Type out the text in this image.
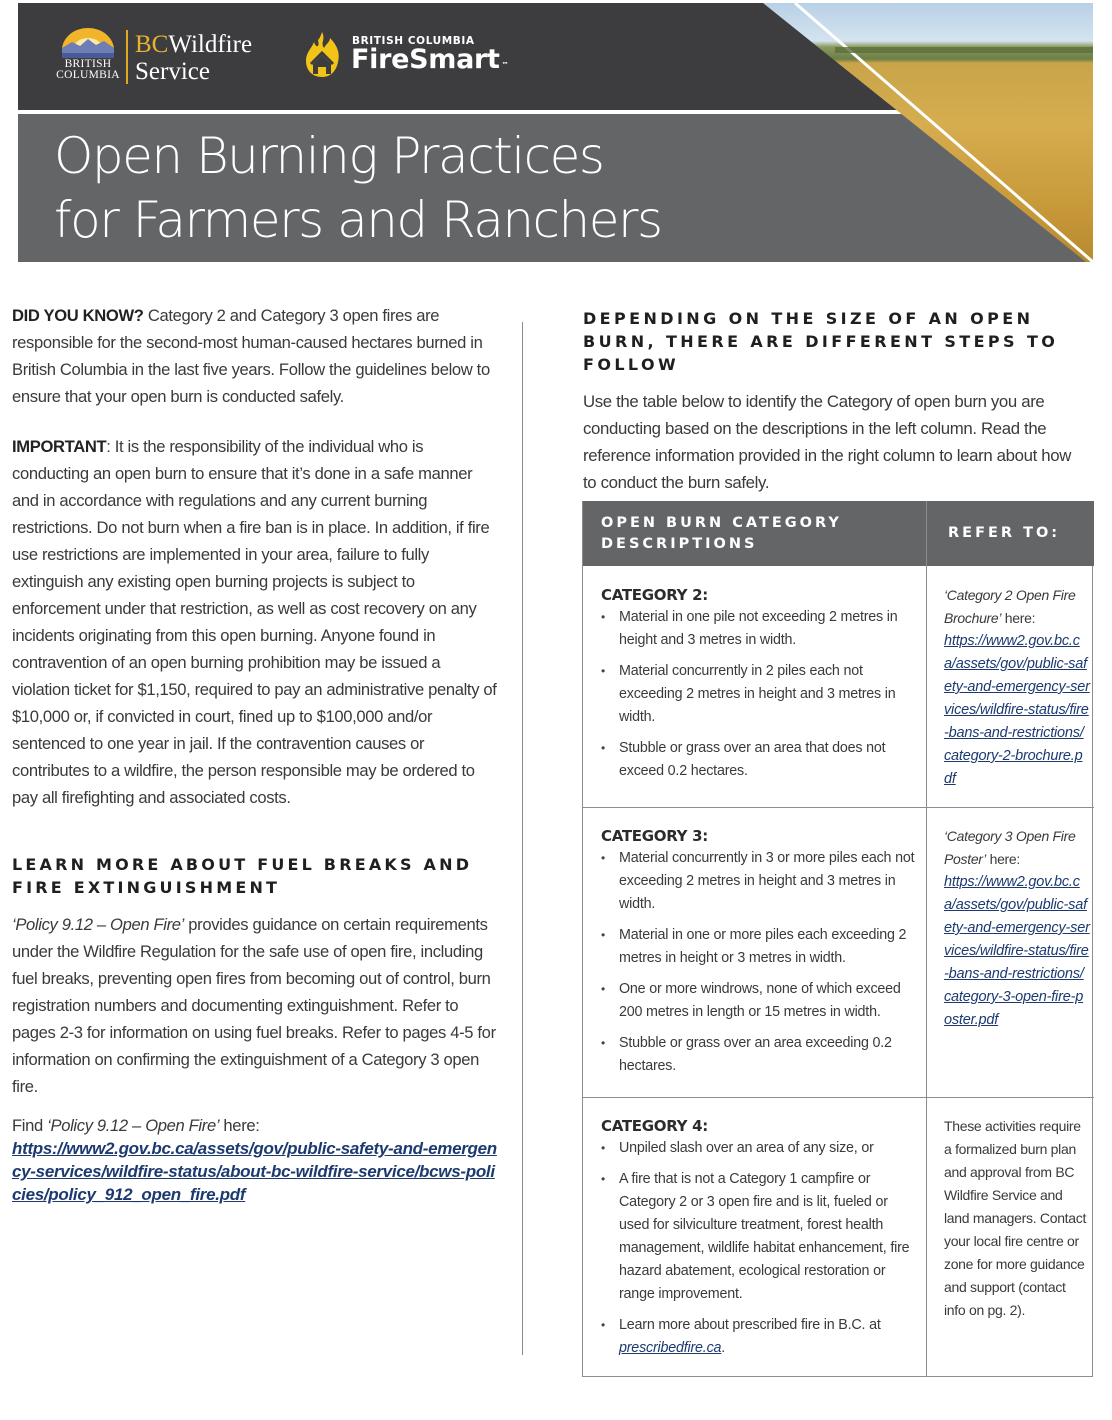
BRITISH
COLUMBIA
BCWildfire
Service
BRITISH COLUMBIA
FireSmart ™
Open Burning Practices
for Farmers and Ranchers

DID YOU KNOW? Category 2 and Category 3 open fires are responsible for the second-most human-caused hectares burned in British Columbia in the last five years. Follow the guidelines below to ensure that your open burn is conducted safely.

IMPORTANT: It is the responsibility of the individual who is conducting an open burn to ensure that it’s done in a safe manner and in accordance with regulations and any current burning restrictions. Do not burn when a fire ban is in place. In addition, if fire use restrictions are implemented in your area, failure to fully extinguish any existing open burning projects is subject to enforcement under that restriction, as well as cost recovery on any incidents originating from this open burning. Anyone found in contravention of an open burning prohibition may be issued a violation ticket for $1,150, required to pay an administrative penalty of $10,000 or, if convicted in court, fined up to $100,000 and/or sentenced to one year in jail. If the contravention causes or contributes to a wildfire, the person responsible may be ordered to pay all firefighting and associated costs.

LEARN MORE ABOUT FUEL BREAKS AND FIRE EXTINGUISHMENT

‘Policy 9.12 – Open Fire’ provides guidance on certain requirements under the Wildfire Regulation for the safe use of open fire, including fuel breaks, preventing open fires from becoming out of control, burn registration numbers and documenting extinguishment. Refer to pages 2-3 for information on using fuel breaks. Refer to pages 4-5 for information on confirming the extinguishment of a Category 3 open fire.

Find ‘Policy 9.12 – Open Fire’ here:

https://www2.gov.bc.ca/assets/gov/public-safety-and-emergency-services/wildfire-status/about-bc-wildfire-service/bcws-policies/policy_912_open_fire.pdf
DEPENDING ON THE SIZE OF AN OPEN BURN, THERE ARE DIFFERENT STEPS TO FOLLOW

Use the table below to identify the Category of open burn you are conducting based on the descriptions in the left column. Read the reference information provided in the right column to learn about how to conduct the burn safely.

OPEN BURN CATEGORY DESCRIPTIONS
REFER TO:
CATEGORY 2:
• Material in one pile not exceeding 2 metres in height and 3 metres in width.
• Material concurrently in 2 piles each not exceeding 2 metres in height and 3 metres in width.
• Stubble or grass over an area that does not exceed 0.2 hectares.
‘Category 2 Open Fire Brochure’ here:
https://www2.gov.bc.ca/assets/gov/public-safety-and-emergency-services/wildfire-status/fire-bans-and-restrictions/category-2-brochure.pdf
CATEGORY 3:
• Material concurrently in 3 or more piles each not exceeding 2 metres in height and 3 metres in width.
• Material in one or more piles each exceeding 2 metres in height or 3 metres in width.
• One or more windrows, none of which exceed 200 metres in length or 15 metres in width.
• Stubble or grass over an area exceeding 0.2 hectares.
‘Category 3 Open Fire Poster’ here:
https://www2.gov.bc.ca/assets/gov/public-safety-and-emergency-services/wildfire-status/fire-bans-and-restrictions/category-3-open-fire-poster.pdf
CATEGORY 4:
• Unpiled slash over an area of any size, or
• A fire that is not a Category 1 campfire or Category 2 or 3 open fire and is lit, fueled or used for silviculture treatment, forest health management, wildlife habitat enhancement, fire hazard abatement, ecological restoration or range improvement.
• Learn more about prescribed fire in B.C. at prescribedfire.ca.
These activities require a formalized burn plan and approval from BC Wildfire Service and land managers. Contact your local fire centre or zone for more guidance and support (contact info on pg. 2).
